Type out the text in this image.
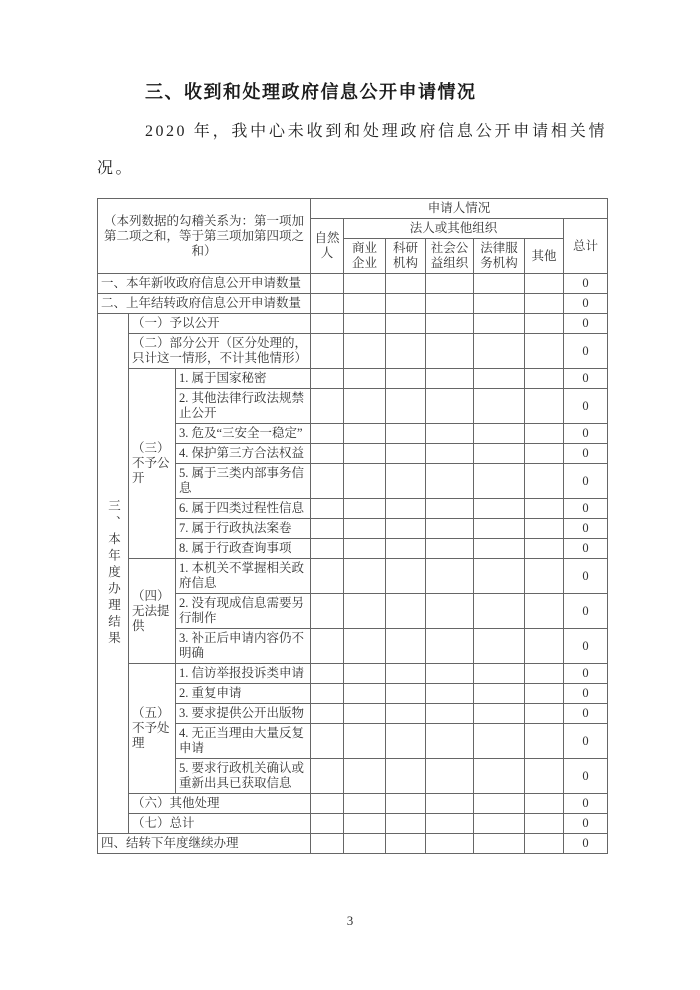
三、收到和处理政府信息公开申请情况
2020 年，我中心未收到和处理政府信息公开申请相关情况。
（本列数据的勾稽关系为：第一项加第二项之和，等于第三项加第四项之和）			申请人情况						
			自然人	法人或其他组织					总计
				商业企业	科研机构	社会公益组织	法律服务机构	其他	
一、本年新收政府信息公开申请数量									0
二、上年结转政府信息公开申请数量									0

三、本年度办理结果	（一）予以公开								0
	（二）部分公开（区分处理的，只计这一情形，不计其他情形）								0
	（三）不予公开	1. 属于国家秘密							0
		2. 其他法律行政法规禁止公开							0
		3. 危及“三安全一稳定”							0
		4. 保护第三方合法权益							0
		5. 属于三类内部事务信息							0
		6. 属于四类过程性信息							0
		7. 属于行政执法案卷							0
		8. 属于行政查询事项							0
	（四）无法提供	1. 本机关不掌握相关政府信息							0
		2. 没有现成信息需要另行制作							0
		3. 补正后申请内容仍不明确							0
	（五）不予处理	1. 信访举报投诉类申请							0
		2. 重复申请							0
		3. 要求提供公开出版物							0
		4. 无正当理由大量反复申请							0
		5. 要求行政机关确认或重新出具已获取信息							0
	（六）其他处理								0
	（七）总计								0
四、结转下年度继续办理									0
3
